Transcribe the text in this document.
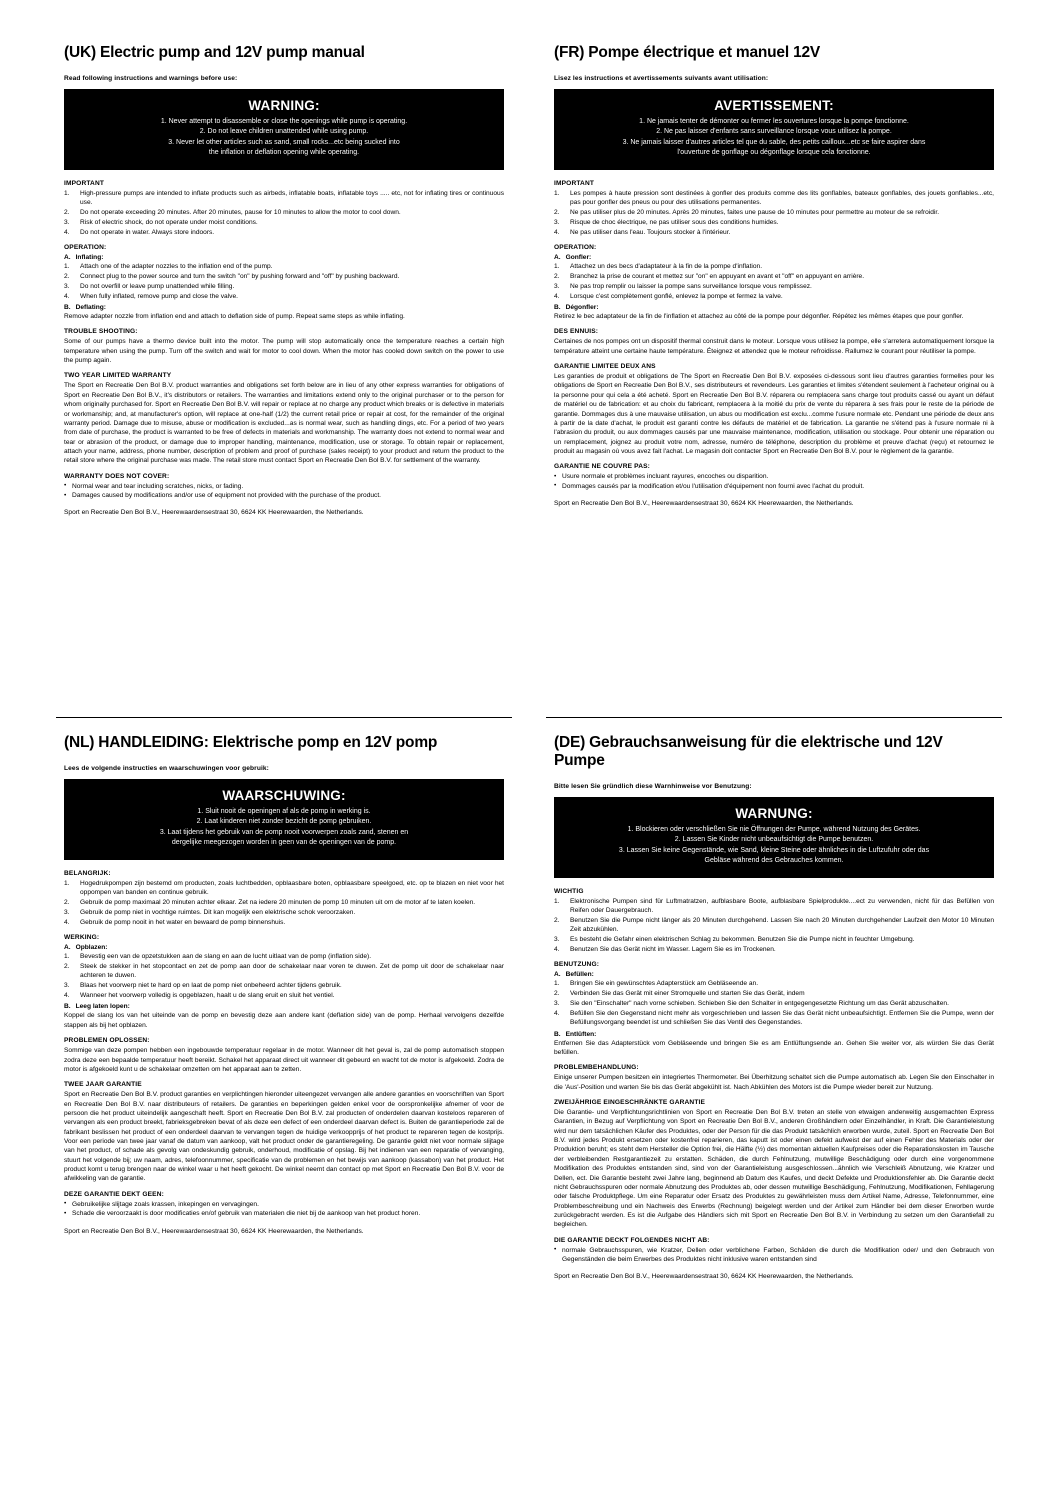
(UK) Electric pump and 12V pump manual

Read following instructions and warnings before use:

WARNING:
1. Never attempt to disassemble or close the openings while pump is operating.
2. Do not leave children unattended while using pump.
3. Never let other articles such as sand, small rocks...etc being sucked into
the inflation or deflation opening while operating.
IMPORTANT
High-pressure pumps are intended to inflate products such as airbeds, inflatable boats, inflatable toys ..... etc, not for inflating tires or continuous use.
Do not operate exceeding 20 minutes. After 20 minutes, pause for 10 minutes to allow the motor to cool down.
Risk of electric shock, do not operate under moist conditions.
Do not operate in water. Always store indoors.
OPERATION:
A. Inflating:
Attach one of the adapter nozzles to the inflation end of the pump.
Connect plug to the power source and turn the switch "on" by pushing forward and "off" by pushing backward.
Do not overfill or leave pump unattended while filling.
When fully inflated, remove pump and close the valve.
B. Deflating:

Remove adapter nozzle from inflation end and attach to deflation side of pump. Repeat same steps as while inflating.

TROUBLE SHOOTING:

Some of our pumps have a thermo device built into the motor. The pump will stop automatically once the temperature reaches a certain high temperature when using the pump. Turn off the switch and wait for motor to cool down. When the motor has cooled down switch on the power to use the pump again.

TWO YEAR LIMITED WARRANTY

The Sport en Recreatie Den Bol B.V. product warranties and obligations set forth below are in lieu of any other express warranties for obligations of Sport en Recreatie Den Bol B.V., it's distributors or retailers. The warranties and limitations extend only to the original purchaser or to the person for whom originally purchased for. Sport en Recreatie Den Bol B.V. will repair or replace at no charge any product which breaks or is defective in materials or workmanship; and, at manufacturer's option, will replace at one-half (1/2) the current retail price or repair at cost, for the remainder of the original warranty period. Damage due to misuse, abuse or modification is excluded...as is normal wear, such as handling dings, etc. For a period of two years from date of purchase, the product is warranted to be free of defects in materials and workmanship. The warranty does not extend to normal wear and tear or abrasion of the product, or damage due to improper handling, maintenance, modification, use or storage. To obtain repair or replacement, attach your name, address, phone number, description of problem and proof of purchase (sales receipt) to your product and return the product to the retail store where the original purchase was made. The retail store must contact Sport en Recreatie Den Bol B.V. for settlement of the warranty.

WARRANTY DOES NOT COVER:
• Normal wear and tear including scratches, nicks, or fading.
• Damages caused by modifications and/or use of equipment not provided with the purchase of the product.

Sport en Recreatie Den Bol B.V., Heerewaardensestraat 30, 6624 KK Heerewaarden, the Netherlands.

(FR) Pompe électrique et manuel 12V

Lisez les instructions et avertissements suivants avant utilisation:

AVERTISSEMENT:
1. Ne jamais tenter de démonter ou fermer les ouvertures lorsque la pompe fonctionne.
2. Ne pas laisser d'enfants sans surveillance lorsque vous utilisez la pompe.
3. Ne jamais laisser d'autres articles tel que du sable, des petits cailloux...etc se faire aspirer dans
l'ouverture de gonflage ou dégonflage lorsque cela fonctionne.
IMPORTANT
Les pompes à haute pression sont destinées à gonfler des produits comme des lits gonflables, bateaux gonflables, des jouets gonflables...etc, pas pour gonfler des pneus ou pour des utilisations permanentes.
Ne pas utiliser plus de 20 minutes. Après 20 minutes, faites une pause de 10 minutes pour permettre au moteur de se refroidir.
Risque de choc électrique, ne pas utiliser sous des conditions humides.
Ne pas utiliser dans l'eau. Toujours stocker à l'intérieur.
OPERATION:
A. Gonfler:
Attachez un des becs d'adaptateur à la fin de la pompe d'inflation.
Branchez la prise de courant et mettez sur "on" en appuyant en avant et "off" en appuyant en arrière.
Ne pas trop remplir ou laisser la pompe sans surveillance lorsque vous remplissez.
Lorsque c'est complètement gonflé, enlevez la pompe et fermez la valve.
B. Dégonfler:

Retirez le bec adaptateur de la fin de l'inflation et attachez au côté de la pompe pour dégonfler. Répétez les mêmes étapes que pour gonfler.

DES ENNUIS:

Certaines de nos pompes ont un dispositif thermal construit dans le moteur. Lorsque vous utilisez la pompe, elle s'arretera automatiquement lorsque la température atteint une certaine haute température. Éteignez et attendez que le moteur refroidisse. Rallumez le courant pour réutiliser la pompe.

GARANTIE LIMITEE DEUX ANS

Les garanties de produit et obligations de The Sport en Recreatie Den Bol B.V. exposées ci-dessous sont lieu d'autres garanties formelles pour les obligations de Sport en Recreatie Den Bol B.V., ses distributeurs et revendeurs. Les garanties et limites s'étendent seulement à l'acheteur original ou à la personne pour qui cela a été acheté. Sport en Recreatie Den Bol B.V. réparera ou remplacera sans charge tout produits cassé ou ayant un défaut de matériel ou de fabrication: et au choix du fabricant, remplacera à la moitié du prix de vente du réparera à ses frais pour le reste de la période de garantie. Dommages dus à une mauvaise utilisation, un abus ou modification est exclu...comme l'usure normale etc. Pendant une période de deux ans à partir de la date d'achat, le produit est garanti contre les défauts de matériel et de fabrication. La garantie ne s'étend pas à l'usure normale ni à l'abrasion du produit, ou aux dommages causés par une mauvaise maintenance, modification, utilisation ou stockage. Pour obtenir une réparation ou un remplacement, joignez au produit votre nom, adresse, numéro de téléphone, description du problème et preuve d'achat (reçu) et retournez le produit au magasin où vous avez fait l'achat. Le magasin doit contacter Sport en Recreatie Den Bol B.V. pour le règlement de la garantie.

GARANTIE NE COUVRE PAS:
• Usure normale et problèmes incluant rayures, encoches ou disparition.
• Dommages causés par la modification et/ou l'utilisation d'équipement non fourni avec l'achat du produit.

Sport en Recreatie Den Bol B.V., Heerewaardensestraat 30, 6624 KK Heerewaarden, the Netherlands.

(NL) HANDLEIDING: Elektrische pomp en 12V pomp

Lees de volgende instructies en waarschuwingen voor gebruik:

WAARSCHUWING:
1. Sluit nooit de openingen af als de pomp in werking is.
2. Laat kinderen niet zonder bezicht de pomp gebruiken.
3. Laat tijdens het gebruik van de pomp nooit voorwerpen zoals zand, stenen en
dergelijke meegezogen worden in geen van de openingen van de pomp.
BELANGRIJK:
Hogedrukpompen zijn bestemd om producten, zoals luchtbedden, opblaasbare boten, opblaasbare speelgoed, etc. op te blazen en niet voor het oppompen van banden en continue gebruik.
Gebruik de pomp maximaal 20 minuten achter elkaar. Zet na iedere 20 minuten de pomp 10 minuten uit om de motor af te laten koelen.
Gebruik de pomp niet in vochtige ruimtes. Dit kan mogelijk een elektrische schok veroorzaken.
Gebruik de pomp nooit in het water en bewaard de pomp binnenshuis.
WERKING:
A. Opblazen:
Bevestig een van de opzetstukken aan de slang en aan de lucht uitlaat van de pomp (inflation side).
Steek de stekker in het stopcontact en zet de pomp aan door de schakelaar naar voren te duwen. Zet de pomp uit door de schakelaar naar achteren te duwen.
Blaas het voorwerp niet te hard op en laat de pomp niet onbeheerd achter tijdens gebruik.
Wanneer het voorwerp volledig is opgeblazen, haalt u de slang eruit en sluit het ventiel.
B. Leeg laten lopen:

Koppel de slang los van het uiteinde van de pomp en bevestig deze aan andere kant (deflation side) van de pomp. Herhaal vervolgens dezelfde stappen als bij het opblazen.

PROBLEMEN OPLOSSEN:

Sommige van deze pompen hebben een ingebouwde temperatuur regelaar in de motor. Wanneer dit het geval is, zal de pomp automatisch stoppen zodra deze een bepaalde temperatuur heeft bereikt. Schakel het apparaat direct uit wanneer dit gebeurd en wacht tot de motor is afgekoeld. Zodra de motor is afgekoeld kunt u de schakelaar omzetten om het apparaat aan te zetten.

TWEE JAAR GARANTIE

Sport en Recreatie Den Bol B.V. product garanties en verplichtingen hieronder uiteengezet vervangen alle andere garanties en voorschriften van Sport en Recreatie Den Bol B.V. naar distributeurs of retailers. De garanties en beperkingen gelden enkel voor de oorspronkelijke afnemer of voor de persoon die het product uiteindelijk aangeschaft heeft. Sport en Recreatie Den Bol B.V. zal producten of onderdelen daarvan kosteloos repareren of vervangen als een product breekt, fabrieksgebreken bevat of als deze een defect of een onderdeel daarvan defect is. Buiten de garantieperiode zal de fabrikant beslissen het product of een onderdeel daarvan te vervangen tegen de huidige verkoopprijs of het product te repareren tegen de kostprijs. Voor een periode van twee jaar vanaf de datum van aankoop, valt het product onder de garantieregeling. De garantie geldt niet voor normale slijtage van het product, of schade als gevolg van ondeskundig gebruik, onderhoud, modificatie of opslag. Bij het indienen van een reparatie of vervanging, stuurt het volgende bij; uw naam, adres, telefoonnummer, specificatie van de problemen en het bewijs van aankoop (kassabon) van het product. Het product komt u terug brengen naar de winkel waar u het heeft gekocht. De winkel neemt dan contact op met Sport en Recreatie Den Bol B.V. voor de afwikkeling van de garantie.

DEZE GARANTIE DEKT GEEN:
• Gebruikelijke slijtage zoals krassen, inkepingen en vervagingen.
• Schade die veroorzaakt is door modificaties en/of gebruik van materialen die niet bij de aankoop van het product horen.

Sport en Recreatie Den Bol B.V., Heerewaardensestraat 30, 6624 KK Heerewaarden, the Netherlands.

(DE) Gebrauchsanweisung für die elektrische und 12V Pumpe

Bitte lesen Sie gründlich diese Warnhinweise vor Benutzung:

WARNUNG:
1. Blockieren oder verschließen Sie nie Öffnungen der Pumpe, während Nutzung des Gerätes.
2. Lassen Sie Kinder nicht unbeaufsichtigt die Pumpe benutzen.
3. Lassen Sie keine Gegenstände, wie Sand, kleine Steine oder ähnliches in die Luftzufuhr oder das
Gebläse während des Gebrauches kommen.
WICHTIG
Elektronische Pumpen sind für Luftmatratzen, aufblasbare Boote, aufblasbare Spielprodukte....ect zu verwenden, nicht für das Befüllen von Reifen oder Dauergebrauch.
Benutzen Sie die Pumpe nicht länger als 20 Minuten durchgehend. Lassen Sie nach 20 Minuten durchgehender Laufzeit den Motor 10 Minuten Zeit abzukühlen.
Es besteht die Gefahr einen elektrischen Schlag zu bekommen. Benutzen Sie die Pumpe nicht in feuchter Umgebung.
Benutzen Sie das Gerät nicht im Wasser. Lagern Sie es im Trockenen.
BENUTZUNG:
A. Befüllen:
Bringen Sie ein gewünschtes Adapterstück am Gebläseende an.
Verbinden Sie das Gerät mit einer Stromquelle und starten Sie das Gerät, indem
Sie den "Einschalter" nach vorne schieben. Schieben Sie den Schalter in entgegengesetzte Richtung um das Gerät abzuschalten.
Befüllen Sie den Gegenstand nicht mehr als vorgeschrieben und lassen Sie das Gerät nicht unbeaufsichtigt. Entfernen Sie die Pumpe, wenn der Befüllungsvorgang beendet ist und schließen Sie das Ventil des Gegenstandes.
B. Entlüften:

Entfernen Sie das Adapterstück vom Gebläseende und bringen Sie es am Entlüftungsende an. Gehen Sie weiter vor, als würden Sie das Gerät befüllen.

PROBLEMBEHANDLUNG:

Einige unserer Pumpen besitzen ein integriertes Thermometer. Bei Überhitzung schaltet sich die Pumpe automatisch ab. Legen Sie den Einschalter in die 'Aus'-Position und warten Sie bis das Gerät abgekühlt ist. Nach Abkühlen des Motors ist die Pumpe wieder bereit zur Nutzung.

ZWEIJÄHRIGE EINGESCHRÄNKTE GARANTIE

Die Garantie- und Verpflichtungsrichtlinien von Sport en Recreatie Den Bol B.V. treten an stelle von etwaigen anderweitig ausgemachten Express Garantien, in Bezug auf Verpflichtung von Sport en Recreatie Den Bol B.V., anderen Großhändlern oder Einzelhändler, in Kraft. Die Garantieleistung wird nur dem tatsächlichen Käufer des Produktes, oder der Person für die das Produkt tatsächlich erworben wurde, zuteil. Sport en Recreatie Den Bol B.V. wird jedes Produkt ersetzen oder kostenfrei reparieren, das kaputt ist oder einen defekt aufweist der auf einen Fehler des Materials oder der Produktion beruht; es steht dem Hersteller die Option frei, die Hälfte (½) des momentan aktuellen Kaufpreises oder die Reparationskosten im Tausche der verbleibenden Restgarantiezeit zu erstatten. Schäden, die durch Fehlnutzung, mutwillige Beschädigung oder durch eine vorgenommene Modifikation des Produktes entstanden sind, sind von der Garantieleistung ausgeschlossen...ähnlich wie Verschleiß Abnutzung, wie Kratzer und Dellen, ect. Die Garantie besteht zwei Jahre lang, beginnend ab Datum des Kaufes, und deckt Defekte und Produktionsfehler ab. Die Garantie deckt nicht Gebrauchsspuren oder normale Abnutzung des Produktes ab, oder dessen mutwillige Beschädigung, Fehlnutzung, Modifikationen, Fehllagerung oder falsche Produktpflege. Um eine Reparatur oder Ersatz des Produktes zu gewährleisten muss dem Artikel Name, Adresse, Telefonnummer, eine Problembeschreibung und ein Nachweis des Erwerbs (Rechnung) beigelegt werden und der Artikel zum Händler bei dem dieser Erworben wurde zurückgebracht werden. Es ist die Aufgabe des Händlers sich mit Sport en Recreatie Den Bol B.V. in Verbindung zu setzen um den Garantiefall zu begleichen.

DIE GARANTIE DECKT FOLGENDES NICHT AB:
• normale Gebrauchsspuren, wie Kratzer, Dellen oder verblichene Farben, Schäden die durch die Modifikation oder/ und den Gebrauch von Gegenständen die beim Erwerbes des Produktes nicht inklusive waren entstanden sind

Sport en Recreatie Den Bol B.V., Heerewaardensestraat 30, 6624 KK Heerewaarden, the Netherlands.
